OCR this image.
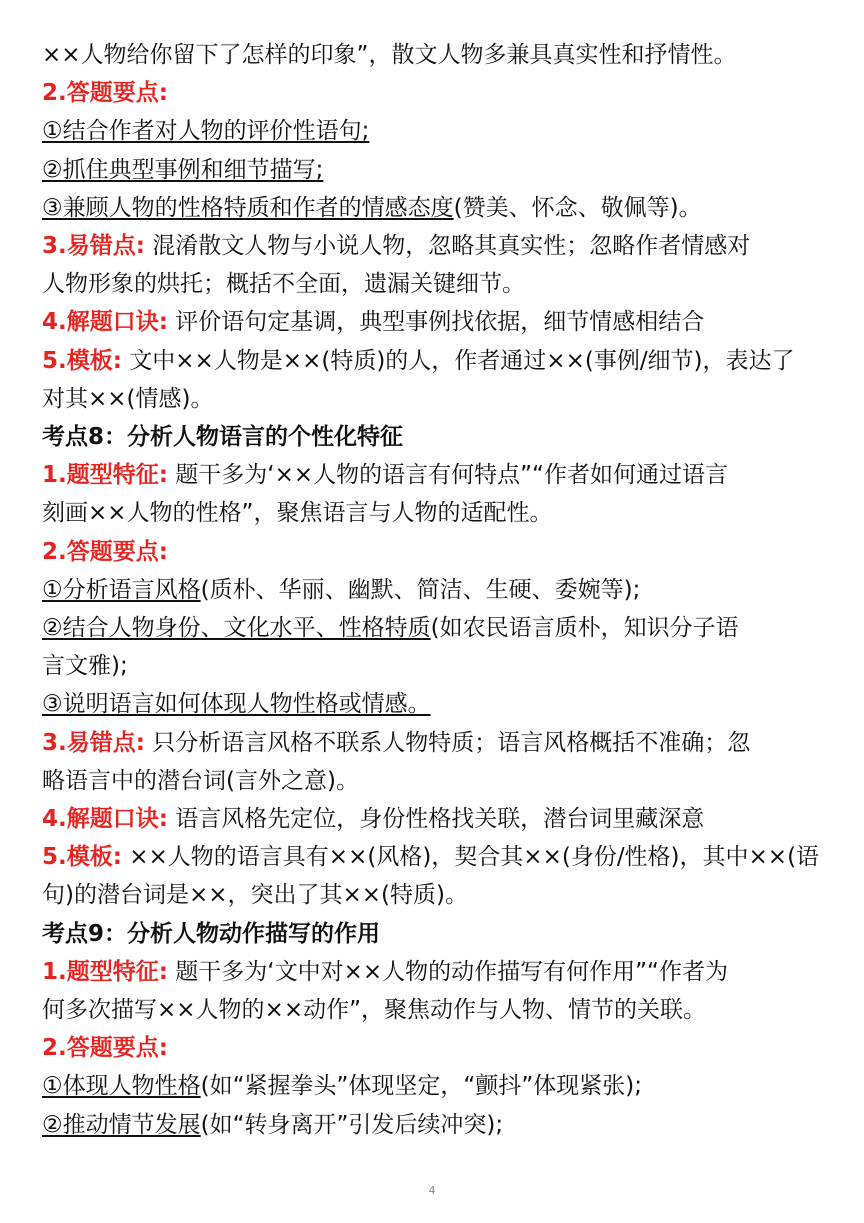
××人物给你留下了怎样的印象”，散文人物多兼具真实性和抒情性。
2.答题要点:
①结合作者对人物的评价性语句;
②抓住典型事例和细节描写;
③兼顾人物的性格特质和作者的情感态度(赞美、怀念、敬佩等)。
3.易错点: 混淆散文人物与小说人物，忽略其真实性；忽略作者情感对
人物形象的烘托；概括不全面，遗漏关键细节。
4.解题口诀: 评价语句定基调，典型事例找依据，细节情感相结合
5.模板: 文中××人物是××(特质)的人，作者通过××(事例/细节)，表达了
对其××(情感)。
考点8：分析人物语言的个性化特征
1.题型特征: 题干多为‘××人物的语言有何特点”“作者如何通过语言
刻画××人物的性格”，聚焦语言与人物的适配性。
2.答题要点:
①分析语言风格(质朴、华丽、幽默、简洁、生硬、委婉等);
②结合人物身份、文化水平、性格特质(如农民语言质朴，知识分子语
言文雅);
③说明语言如何体现人物性格或情感。
3.易错点: 只分析语言风格不联系人物特质；语言风格概括不准确；忽
略语言中的潜台词(言外之意)。
4.解题口诀: 语言风格先定位，身份性格找关联，潜台词里藏深意
5.模板: ××人物的语言具有××(风格)，契合其××(身份/性格)，其中××(语
句)的潜台词是××，突出了其××(特质)。
考点9：分析人物动作描写的作用
1.题型特征: 题干多为‘文中对××人物的动作描写有何作用”“作者为
何多次描写××人物的××动作”，聚焦动作与人物、情节的关联。
2.答题要点:
①体现人物性格(如“紧握拳头”体现坚定，“颤抖”体现紧张);
②推动情节发展(如“转身离开”引发后续冲突);
4
